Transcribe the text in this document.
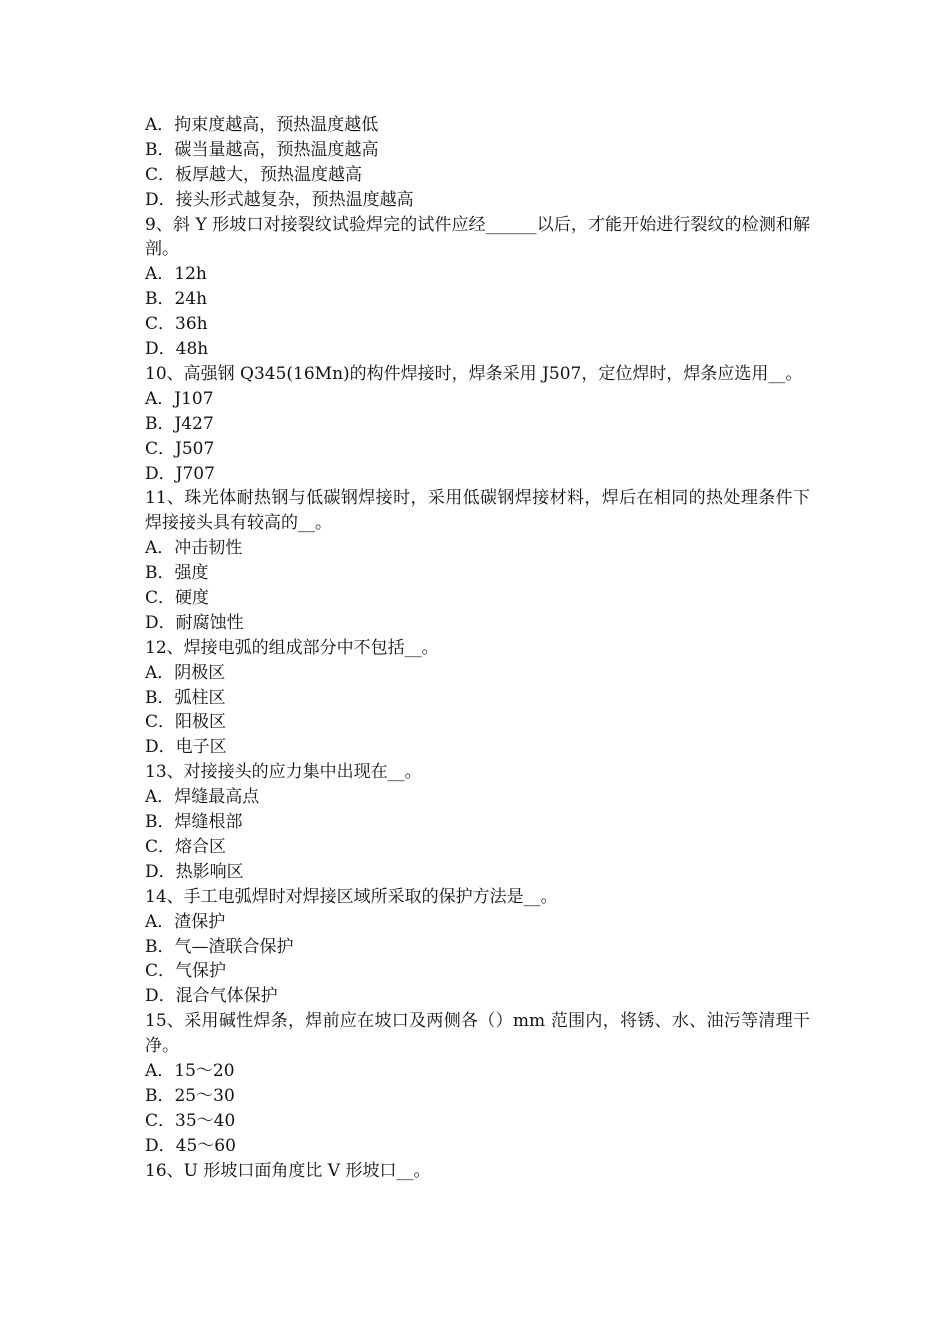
A．拘束度越高，预热温度越低
B．碳当量越高，预热温度越高
C．板厚越大，预热温度越高
D．接头形式越复杂，预热温度越高
9、斜 Y 形坡口对接裂纹试验焊完的试件应经______以后，才能开始进行裂纹的检测和解剖。
A．12h
B．24h
C．36h
D．48h
10、高强钢 Q345(16Mn)的构件焊接时，焊条采用 J507，定位焊时，焊条应选用__。
A．J107
B．J427
C．J507
D．J707
11、珠光体耐热钢与低碳钢焊接时，采用低碳钢焊接材料，焊后在相同的热处理条件下焊接接头具有较高的__。
A．冲击韧性
B．强度
C．硬度
D．耐腐蚀性
12、焊接电弧的组成部分中不包括__。
A．阴极区
B．弧柱区
C．阳极区
D．电子区
13、对接接头的应力集中出现在__。
A．焊缝最高点
B．焊缝根部
C．熔合区
D．热影响区
14、手工电弧焊时对焊接区域所采取的保护方法是__。
A．渣保护
B．气—渣联合保护
C．气保护
D．混合气体保护
15、采用碱性焊条，焊前应在坡口及两侧各（）mm 范围内，将锈、水、油污等清理干净。
A．15～20
B．25～30
C．35～40
D．45～60
16、U 形坡口面角度比 V 形坡口__。
